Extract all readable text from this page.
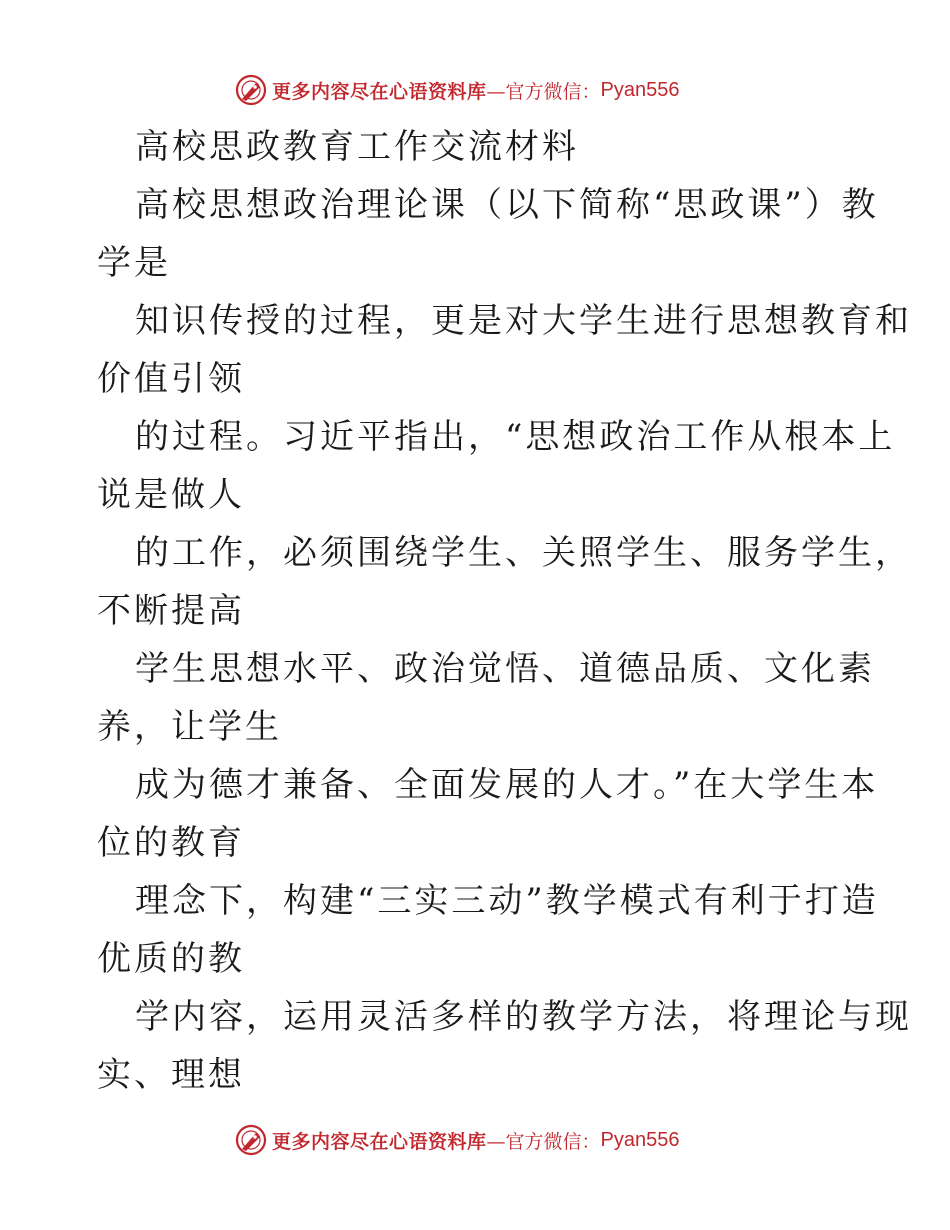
更多内容尽在心语资料库 —官方微信： Pyan556
高校思政教育工作交流材料
高校思想政治理论课（以下简称“思政课”）教
学是
知识传授的过程，更是对大学生进行思想教育和
价值引领
的过程。习近平指出，“思想政治工作从根本上
说是做人
的工作，必须围绕学生、关照学生、服务学生，
不断提高
学生思想水平、政治觉悟、道德品质、文化素
养，让学生
成为德才兼备、全面发展的人才。”在大学生本
位的教育
理念下，构建“三实三动”教学模式有利于打造
优质的教
学内容，运用灵活多样的教学方法，将理论与现
实、理想
更多内容尽在心语资料库 —官方微信： Pyan556
